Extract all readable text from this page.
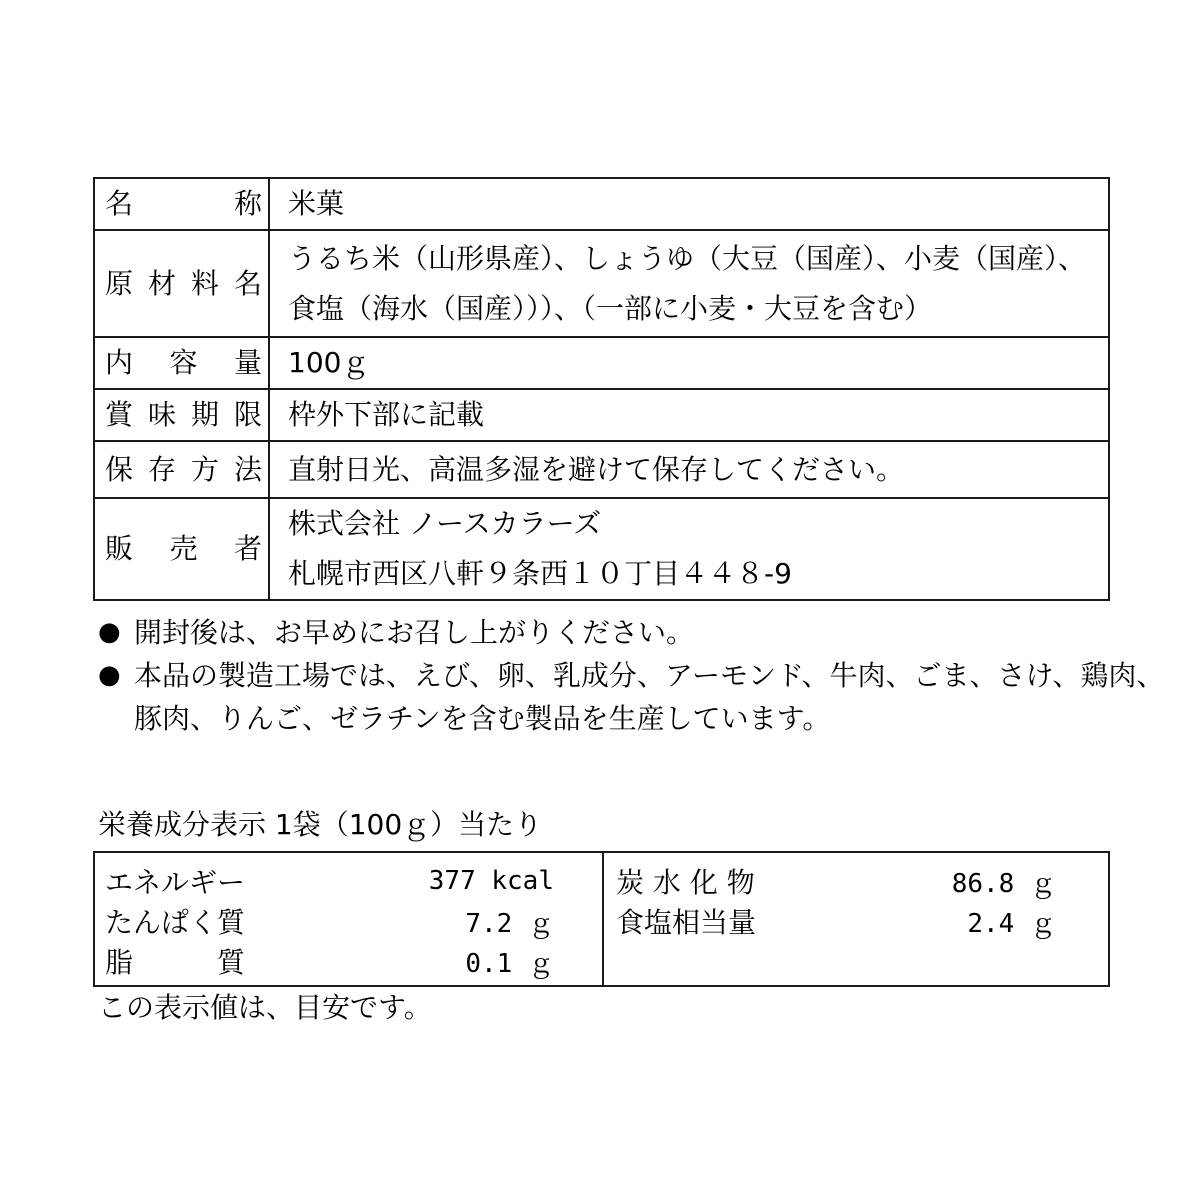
名 称	米菓

原 材 料 名	うるち米（山形県産）、しょうゆ（大豆（国産）、小麦（国産）、
食塩（海水（国産）））、（一部に小麦・大豆を含む）

内 容 量	100ｇ

賞 味 期 限	枠外下部に記載

保 存 方 法	直射日光、高温多湿を避けて保存してください。

販 売 者	株式会社 ノースカラーズ
札幌市西区八軒９条西１０丁目４４８-9
● 開封後は、お早めにお召し上がりください。
● 本品の製造工場では、えび、卵、乳成分、アーモンド、牛肉、ごま、さけ、鶏肉、
豚肉、りんご、ゼラチンを含む製品を生産しています。
栄養成分表示 1袋（100ｇ）当たり
エネルギー	377 kcal
たんぱく質	7.2 ｇ
脂　　　質	0.1 ｇ
炭 水 化 物	86.8 ｇ
食塩相当量	2.4 ｇ
この表示値は、目安です。
